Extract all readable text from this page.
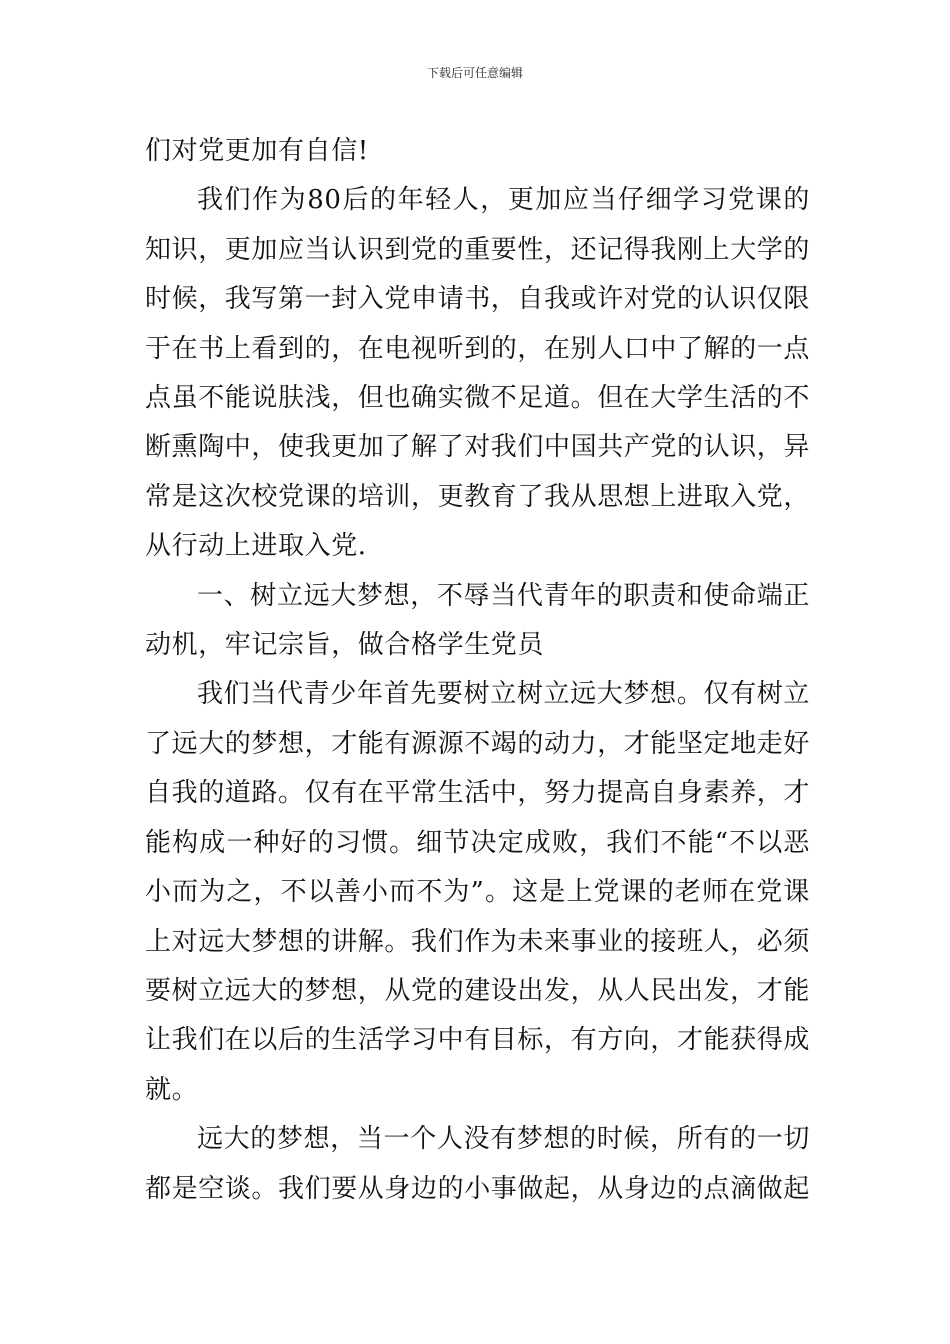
下载后可任意编辑

们对党更加有自信!

我们作为80后的年轻人，更加应当仔细学习党课的知识，更加应当认识到党的重要性，还记得我刚上大学的时候，我写第一封入党申请书，自我或许对党的认识仅限于在书上看到的，在电视听到的，在别人口中了解的一点点虽不能说肤浅，但也确实微不足道。但在大学生活的不断熏陶中，使我更加了解了对我们中国共产党的认识，异常是这次校党课的培训，更教育了我从思想上进取入党，从行动上进取入党.

一、树立远大梦想，不辱当代青年的职责和使命端正动机，牢记宗旨，做合格学生党员

我们当代青少年首先要树立树立远大梦想。仅有树立了远大的梦想，才能有源源不竭的动力，才能坚定地走好自我的道路。仅有在平常生活中，努力提高自身素养，才能构成一种好的习惯。细节决定成败，我们不能“不以恶小而为之，不以善小而不为”。这是上党课的老师在党课上对远大梦想的讲解。我们作为未来事业的接班人，必须要树立远大的梦想，从党的建设出发，从人民出发，才能让我们在以后的生活学习中有目标，有方向，才能获得成就。

远大的梦想，当一个人没有梦想的时候，所有的一切都是空谈。我们要从身边的小事做起，从身边的点滴做起
